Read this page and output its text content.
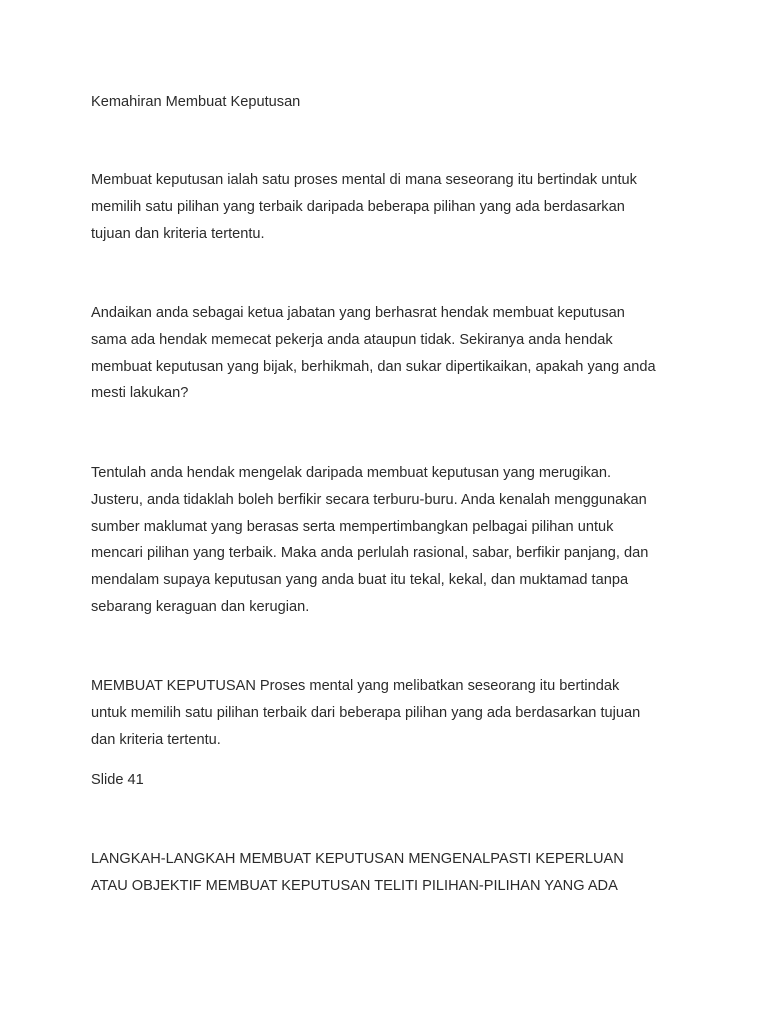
Kemahiran Membuat Keputusan

Membuat keputusan ialah satu proses mental di mana seseorang itu bertindak untuk
memilih satu pilihan yang terbaik daripada beberapa pilihan yang ada berdasarkan
tujuan dan kriteria tertentu.

Andaikan anda sebagai ketua jabatan yang berhasrat hendak membuat keputusan
sama ada hendak memecat pekerja anda ataupun tidak. Sekiranya anda hendak
membuat keputusan yang bijak, berhikmah, dan sukar dipertikaikan, apakah yang anda
mesti lakukan?

Tentulah anda hendak mengelak daripada membuat keputusan yang merugikan.
Justeru, anda tidaklah boleh berfikir secara terburu-buru. Anda kenalah menggunakan
sumber maklumat yang berasas serta mempertimbangkan pelbagai pilihan untuk
mencari pilihan yang terbaik. Maka anda perlulah rasional, sabar, berfikir panjang, dan
mendalam supaya keputusan yang anda buat itu tekal, kekal, dan muktamad tanpa
sebarang keraguan dan kerugian.

MEMBUAT KEPUTUSAN Proses mental yang melibatkan seseorang itu bertindak
untuk memilih satu pilihan terbaik dari beberapa pilihan yang ada berdasarkan tujuan
dan kriteria tertentu.

Slide 41

LANGKAH-LANGKAH MEMBUAT KEPUTUSAN MENGENALPASTI KEPERLUAN
ATAU OBJEKTIF MEMBUAT KEPUTUSAN TELITI PILIHAN-PILIHAN YANG ADA
